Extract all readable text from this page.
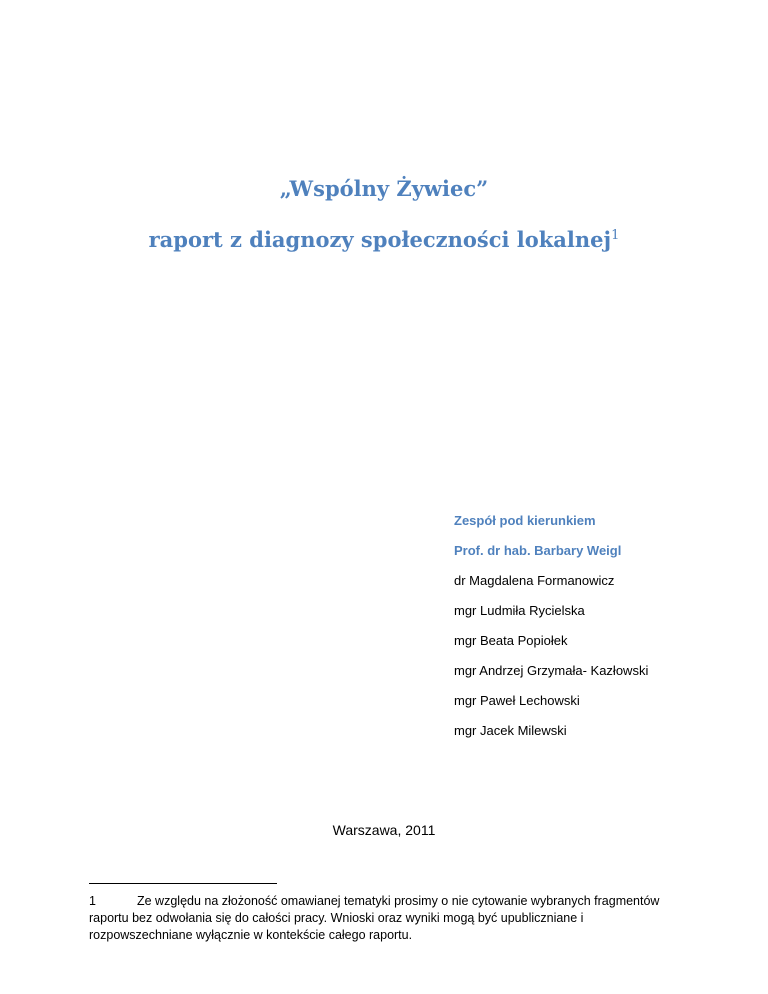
„Wspólny Żywiec”
raport z diagnozy społeczności lokalnej$^1$
Zespół pod kierunkiem
Prof. dr hab. Barbary Weigl
dr Magdalena Formanowicz
mgr Ludmiła Rycielska
mgr Beata Popiołek
mgr Andrzej Grzymała- Kazłowski
mgr Paweł Lechowski
mgr Jacek Milewski
Warszawa, 2011
1	Ze względu na złożoność omawianej tematyki prosimy o nie cytowanie wybranych fragmentów raportu bez odwołania się do całości pracy. Wnioski oraz wyniki mogą być upubliczniane i rozpowszechniane wyłącznie w kontekście całego raportu.
